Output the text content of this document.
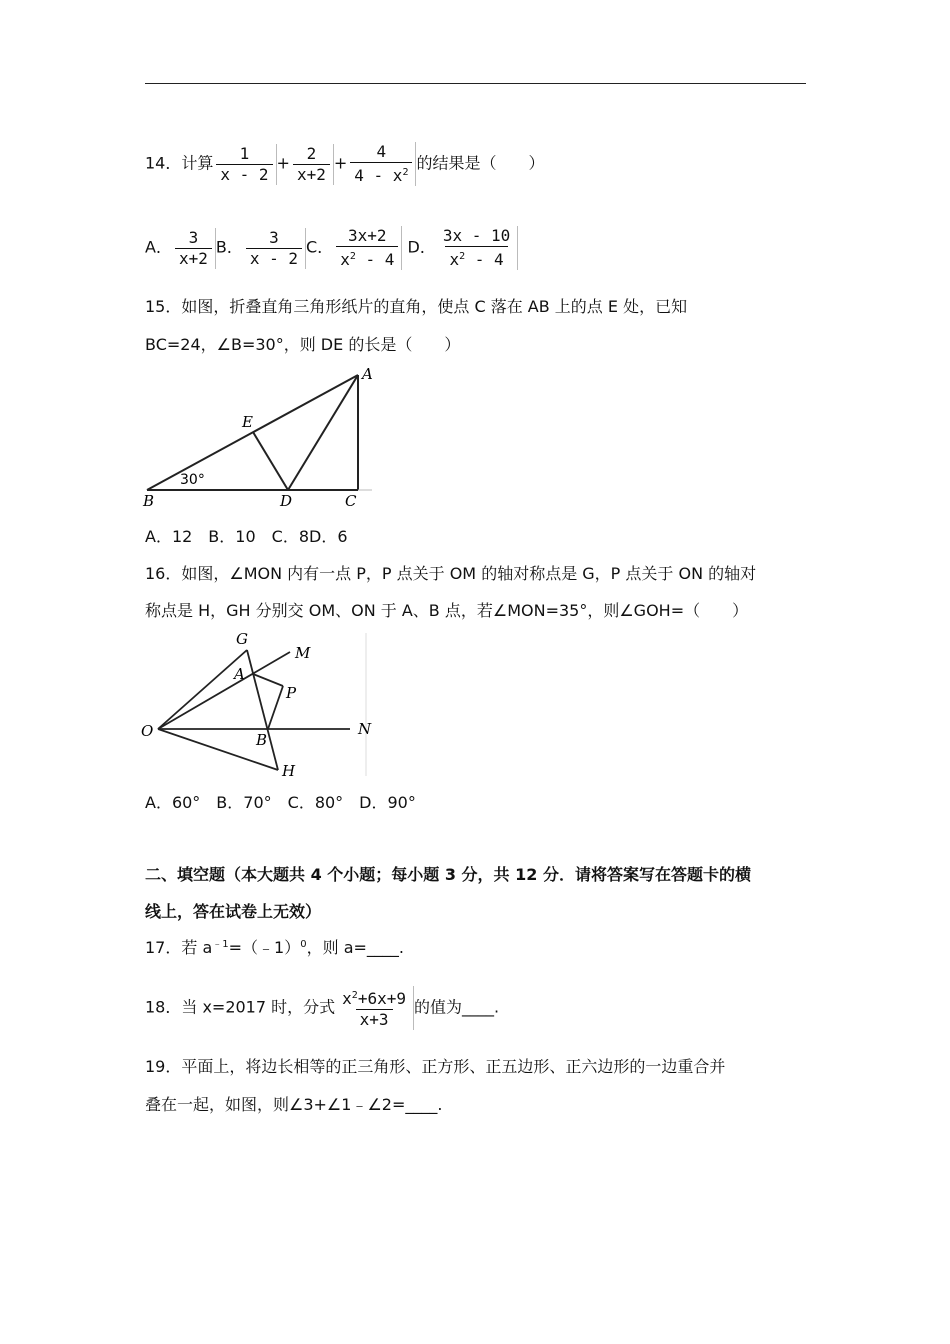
14．计算 $\frac{1}{x - 2} + \frac{2}{x+2} + \frac{4}{4 - x^2}$ 的结果是（　　）
A． $\frac{3}{x+2}$ B． $\frac{3}{x - 2}$ C． $\frac{3x+2}{x^2 - 4}$ D． $\frac{3x - 10}{x^2 - 4}$
15．如图，折叠直角三角形纸片的直角，使点 C 落在 AB 上的点 E 处，已知
BC=24，∠B=30°，则 DE 的长是（　　）
A
E
30°
B	D	C
A．12　B．10　C．8D．6
16．如图，∠MON 内有一点 P，P 点关于 OM 的轴对称点是 G，P 点关于 ON 的轴对
称点是 H，GH 分别交 OM、ON 于 A、B 点，若∠MON=35°，则∠GOH=（　　）
G
M
A
P
O	N
B
H
A．60°　B．70°　C．80°　D．90°
二、填空题（本大题共 4 个小题；每小题 3 分，共 12 分．请将答案写在答题卡的横
线上，答在试卷上无效）
17．若 $a^{﹣1}=(﹣1)^0$，则 a=____.
18．当 x=2017 时，分式 $\frac{x^2+6x+9}{x+3}$ 的值为____.
19．平面上，将边长相等的正三角形、正方形、正五边形、正六边形的一边重合并
叠在一起，如图，则∠3+∠1﹣∠2=____.
